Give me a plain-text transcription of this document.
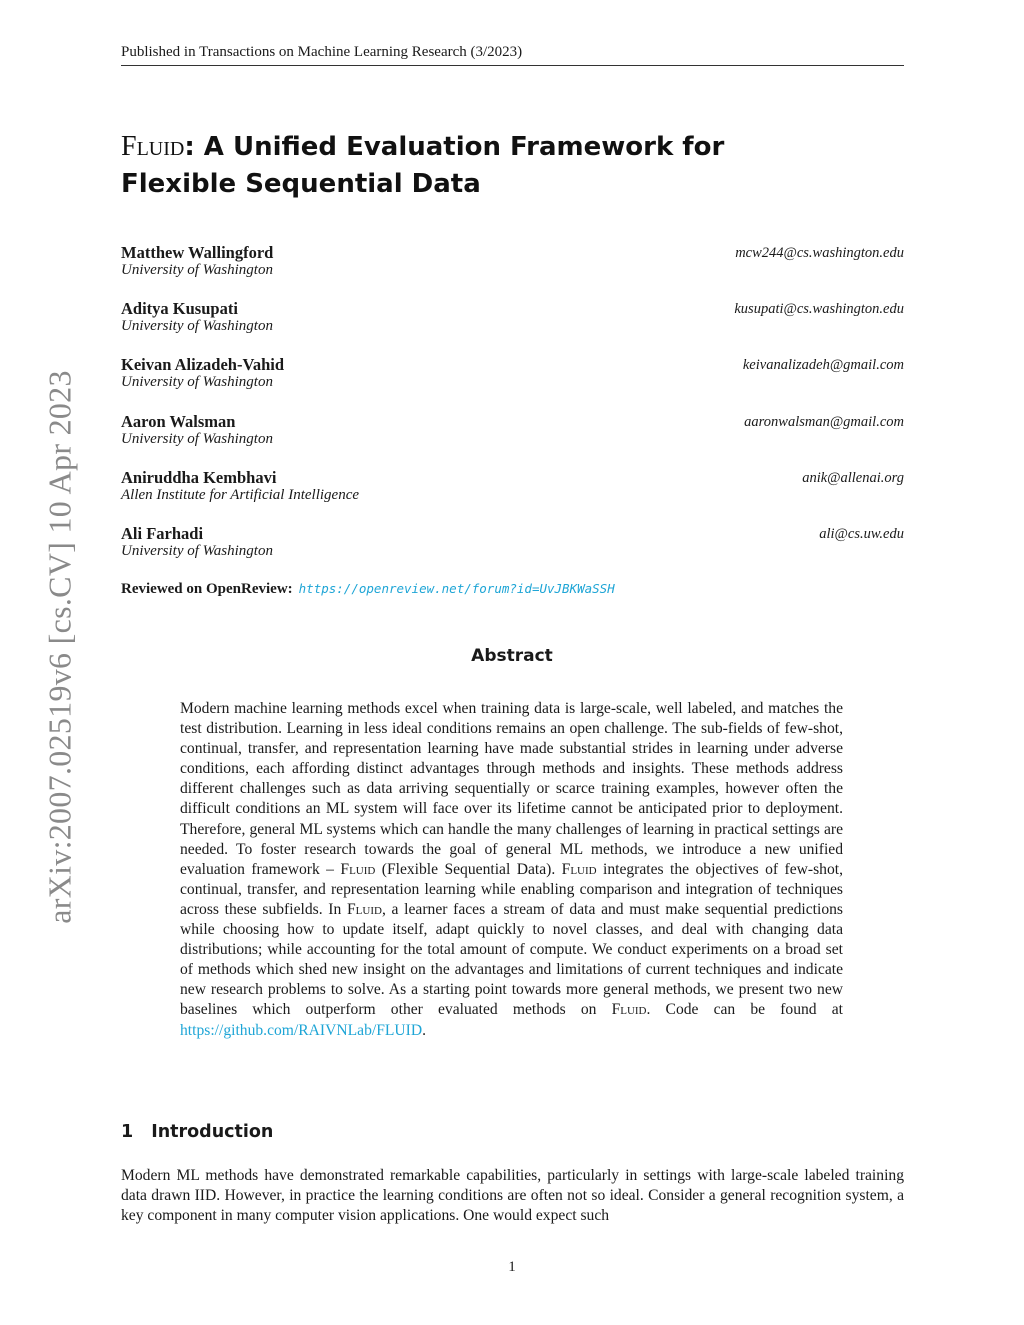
Published in Transactions on Machine Learning Research (3/2023)
arXiv:2007.02519v6 [cs.CV] 10 Apr 2023
Fluid: A Unified Evaluation Framework for
Flexible Sequential Data
Matthew Wallingford
University of Washington
mcw244@cs.washington.edu
Aditya Kusupati
University of Washington
kusupati@cs.washington.edu
Keivan Alizadeh-Vahid
University of Washington
keivanalizadeh@gmail.com
Aaron Walsman
University of Washington
aaronwalsman@gmail.com
Aniruddha Kembhavi
Allen Institute for Artificial Intelligence
anik@allenai.org
Ali Farhadi
University of Washington
ali@cs.uw.edu
Reviewed on OpenReview: https://openreview.net/forum?id=UvJBKWaSSH
Abstract
Modern machine learning methods excel when training data is large-scale, well labeled, and matches the test distribution. Learning in less ideal conditions remains an open challenge. The sub-fields of few-shot, continual, transfer, and representation learning have made substantial strides in learning under adverse conditions, each affording distinct advantages through methods and insights. These methods address different challenges such as data arriving sequentially or scarce training examples, however often the difficult conditions an ML system will face over its lifetime cannot be anticipated prior to deployment. Therefore, general ML systems which can handle the many challenges of learning in practical settings are needed. To foster research towards the goal of general ML methods, we introduce a new unified evaluation framework – Fluid (Flexible Sequential Data). Fluid integrates the objectives of few-shot, continual, transfer, and representation learning while enabling comparison and integration of techniques across these subfields. In Fluid, a learner faces a stream of data and must make sequential predictions while choosing how to update itself, adapt quickly to novel classes, and deal with changing data distributions; while accounting for the total amount of compute. We conduct experiments on a broad set of methods which shed new insight on the advantages and limitations of current techniques and indicate new research problems to solve. As a starting point towards more general methods, we present two new baselines which outperform other evaluated methods on Fluid. Code can be found at https://github.com/RAIVNLab/FLUID.
1 Introduction
Modern ML methods have demonstrated remarkable capabilities, particularly in settings with large-scale labeled training data drawn IID. However, in practice the learning conditions are often not so ideal. Consider a general recognition system, a key component in many computer vision applications. One would expect such
1
